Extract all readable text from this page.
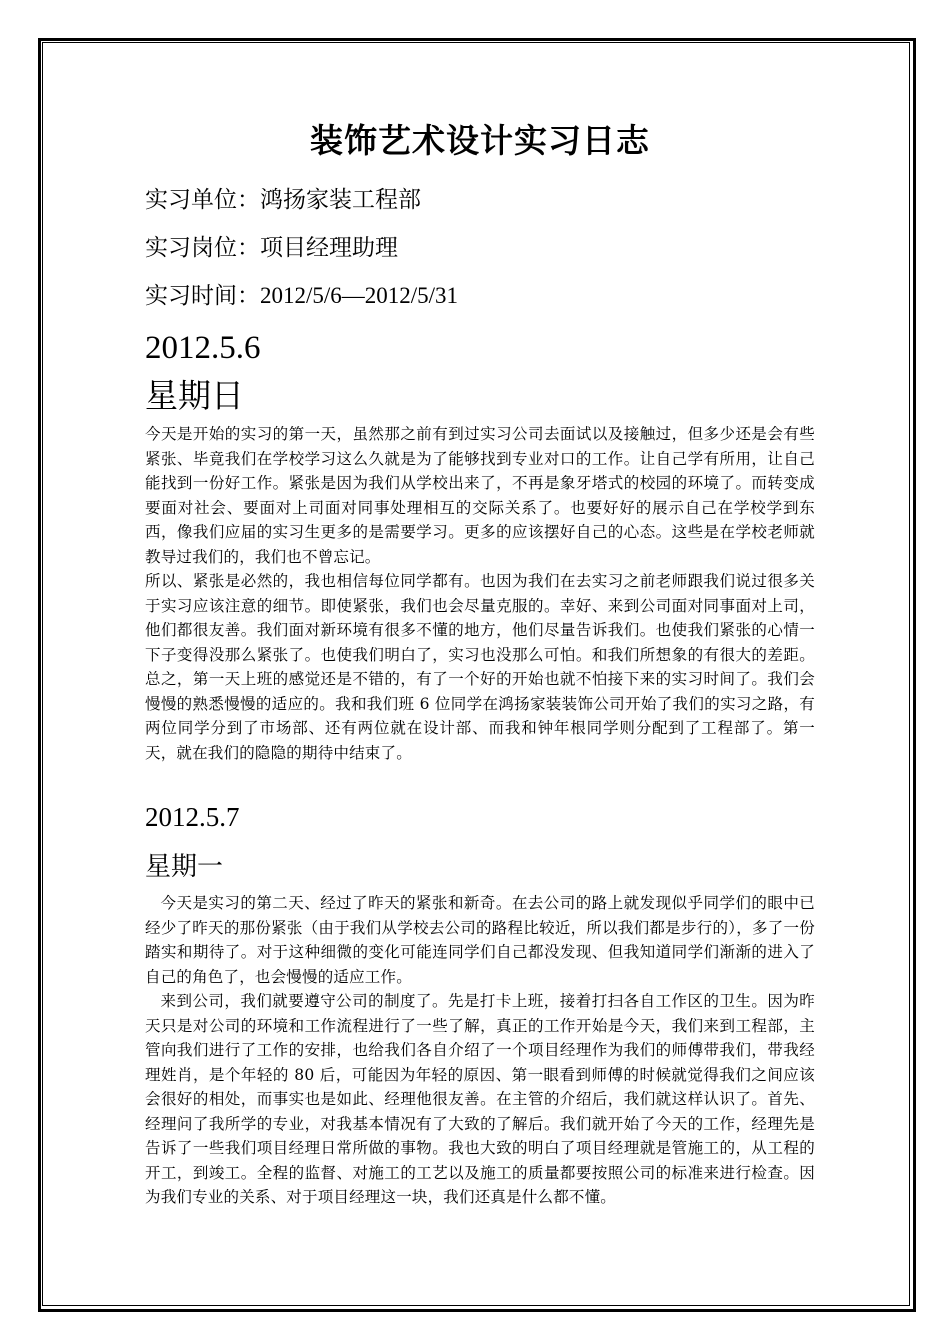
装饰艺术设计实习日志

实习单位：鸿扬家装工程部

实习岗位：项目经理助理

实习时间：2012/5/6—2012/5/31

2012.5.6
星期日

今天是开始的实习的第一天，虽然那之前有到过实习公司去面试以及接触过，但多少还是会有些紧张、毕竟我们在学校学习这么久就是为了能够找到专业对口的工作。让自己学有所用，让自己能找到一份好工作。紧张是因为我们从学校出来了，不再是象牙塔式的校园的环境了。而转变成要面对社会、要面对上司面对同事处理相互的交际关系了。也要好好的展示自己在学校学到东西，像我们应届的实习生更多的是需要学习。更多的应该摆好自己的心态。这些是在学校老师就教导过我们的，我们也不曾忘记。

所以、紧张是必然的，我也相信每位同学都有。也因为我们在去实习之前老师跟我们说过很多关于实习应该注意的细节。即使紧张，我们也会尽量克服的。幸好、来到公司面对同事面对上司，他们都很友善。我们面对新环境有很多不懂的地方，他们尽量告诉我们。也使我们紧张的心情一下子变得没那么紧张了。也使我们明白了，实习也没那么可怕。和我们所想象的有很大的差距。总之，第一天上班的感觉还是不错的，有了一个好的开始也就不怕接下来的实习时间了。我们会慢慢的熟悉慢慢的适应的。我和我们班 6 位同学在鸿扬家装装饰公司开始了我们的实习之路，有两位同学分到了市场部、还有两位就在设计部、而我和钟年根同学则分配到了工程部了。第一天，就在我们的隐隐的期待中结束了。

2012.5.7
星期一

今天是实习的第二天、经过了昨天的紧张和新奇。在去公司的路上就发现似乎同学们的眼中已经少了昨天的那份紧张（由于我们从学校去公司的路程比较近，所以我们都是步行的），多了一份踏实和期待了。对于这种细微的变化可能连同学们自己都没发现、但我知道同学们渐渐的进入了自己的角色了，也会慢慢的适应工作。

来到公司，我们就要遵守公司的制度了。先是打卡上班，接着打扫各自工作区的卫生。因为昨天只是对公司的环境和工作流程进行了一些了解，真正的工作开始是今天，我们来到工程部，主管向我们进行了工作的安排，也给我们各自介绍了一个项目经理作为我们的师傅带我们，带我经理姓肖，是个年轻的 80 后，可能因为年轻的原因、第一眼看到师傅的时候就觉得我们之间应该会很好的相处，而事实也是如此、经理他很友善。在主管的介绍后，我们就这样认识了。首先、经理问了我所学的专业，对我基本情况有了大致的了解后。我们就开始了今天的工作，经理先是告诉了一些我们项目经理日常所做的事物。我也大致的明白了项目经理就是管施工的，从工程的开工，到竣工。全程的监督、对施工的工艺以及施工的质量都要按照公司的标准来进行检查。因为我们专业的关系、对于项目经理这一块，我们还真是什么都不懂。
